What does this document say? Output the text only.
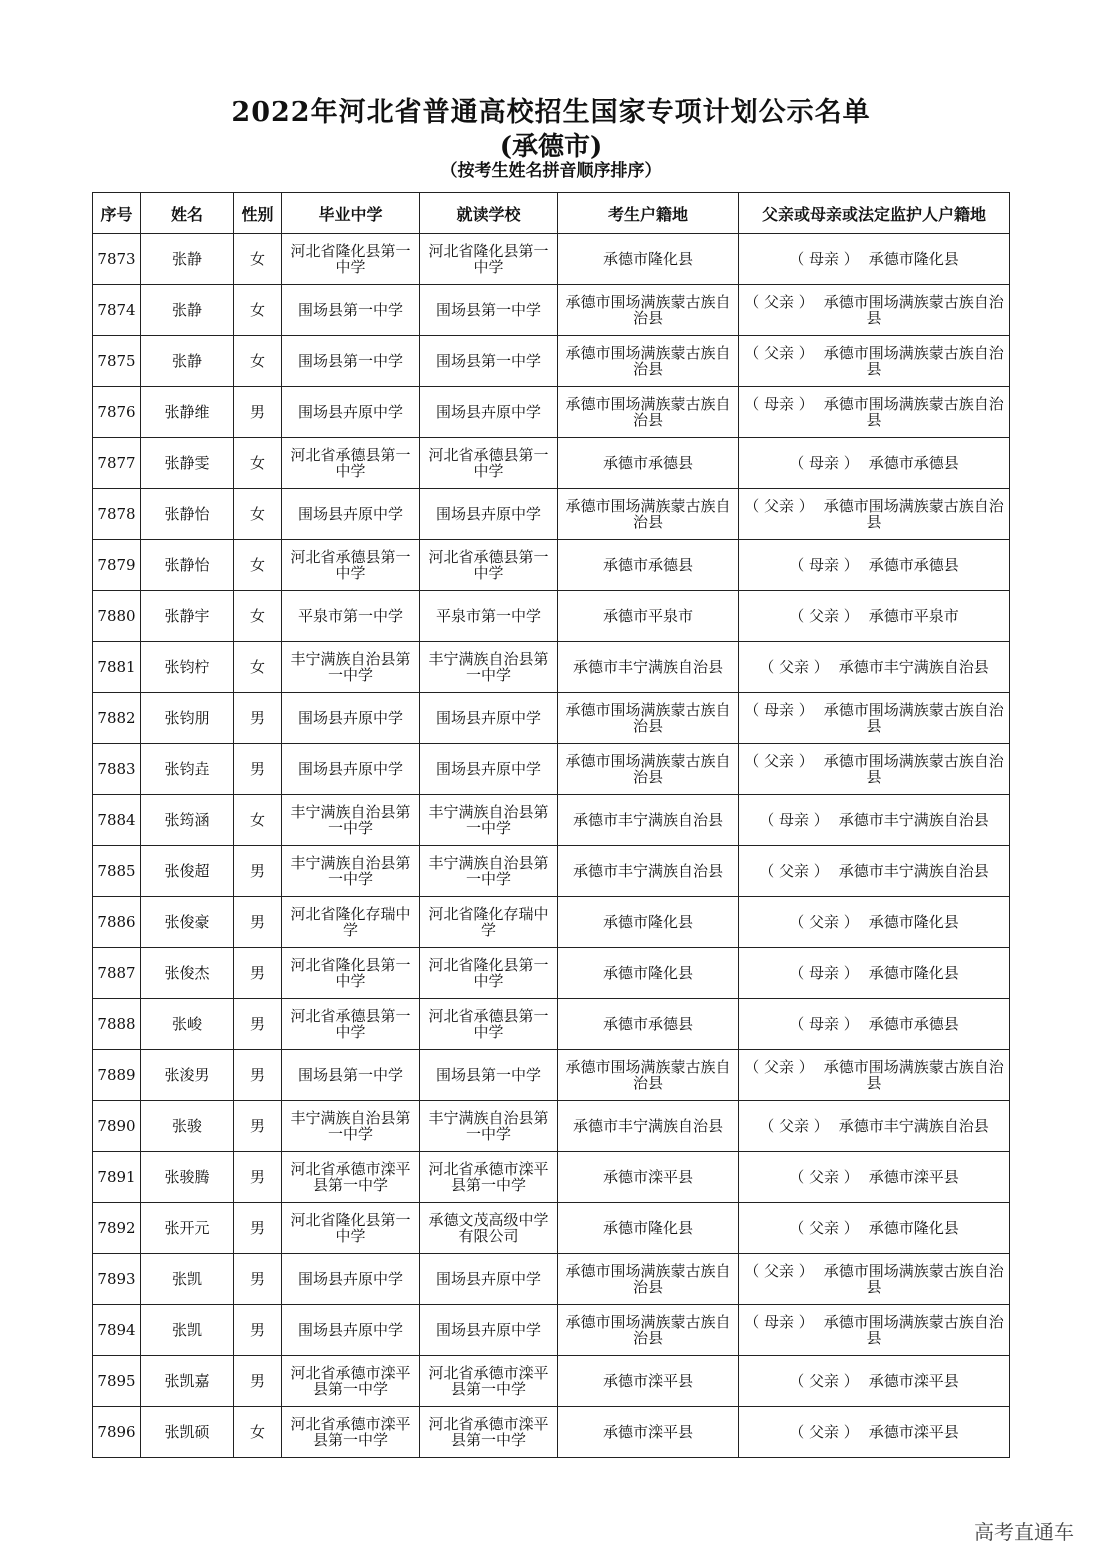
2022年河北省普通高校招生国家专项计划公示名单
(承德市)
（按考生姓名拼音顺序排序）
序号	姓名	性别	毕业中学	就读学校	考生户籍地	父亲或母亲或法定监护人户籍地
7873	张静	女	河北省隆化县第一中学	河北省隆化县第一中学	承德市隆化县	（ 母亲 ） 承德市隆化县
7874	张静	女	围场县第一中学	围场县第一中学	承德市围场满族蒙古族自治县	（ 父亲 ） 承德市围场满族蒙古族自治县
7875	张静	女	围场县第一中学	围场县第一中学	承德市围场满族蒙古族自治县	（ 父亲 ） 承德市围场满族蒙古族自治县
7876	张静维	男	围场县卉原中学	围场县卉原中学	承德市围场满族蒙古族自治县	（ 母亲 ） 承德市围场满族蒙古族自治县
7877	张静雯	女	河北省承德县第一中学	河北省承德县第一中学	承德市承德县	（ 母亲 ） 承德市承德县
7878	张静怡	女	围场县卉原中学	围场县卉原中学	承德市围场满族蒙古族自治县	（ 父亲 ） 承德市围场满族蒙古族自治县
7879	张静怡	女	河北省承德县第一中学	河北省承德县第一中学	承德市承德县	（ 母亲 ） 承德市承德县
7880	张静宇	女	平泉市第一中学	平泉市第一中学	承德市平泉市	（ 父亲 ） 承德市平泉市
7881	张钧柠	女	丰宁满族自治县第一中学	丰宁满族自治县第一中学	承德市丰宁满族自治县	（ 父亲 ） 承德市丰宁满族自治县
7882	张钧朋	男	围场县卉原中学	围场县卉原中学	承德市围场满族蒙古族自治县	（ 母亲 ） 承德市围场满族蒙古族自治县
7883	张钧垚	男	围场县卉原中学	围场县卉原中学	承德市围场满族蒙古族自治县	（ 父亲 ） 承德市围场满族蒙古族自治县
7884	张筠涵	女	丰宁满族自治县第一中学	丰宁满族自治县第一中学	承德市丰宁满族自治县	（ 母亲 ） 承德市丰宁满族自治县
7885	张俊超	男	丰宁满族自治县第一中学	丰宁满族自治县第一中学	承德市丰宁满族自治县	（ 父亲 ） 承德市丰宁满族自治县
7886	张俊豪	男	河北省隆化存瑞中学	河北省隆化存瑞中学	承德市隆化县	（ 父亲 ） 承德市隆化县
7887	张俊杰	男	河北省隆化县第一中学	河北省隆化县第一中学	承德市隆化县	（ 母亲 ） 承德市隆化县
7888	张峻	男	河北省承德县第一中学	河北省承德县第一中学	承德市承德县	（ 母亲 ） 承德市承德县
7889	张浚男	男	围场县第一中学	围场县第一中学	承德市围场满族蒙古族自治县	（ 父亲 ） 承德市围场满族蒙古族自治县
7890	张骏	男	丰宁满族自治县第一中学	丰宁满族自治县第一中学	承德市丰宁满族自治县	（ 父亲 ） 承德市丰宁满族自治县
7891	张骏腾	男	河北省承德市滦平县第一中学	河北省承德市滦平县第一中学	承德市滦平县	（ 父亲 ） 承德市滦平县
7892	张开元	男	河北省隆化县第一中学	承德文茂高级中学有限公司	承德市隆化县	（ 父亲 ） 承德市隆化县
7893	张凯	男	围场县卉原中学	围场县卉原中学	承德市围场满族蒙古族自治县	（ 父亲 ） 承德市围场满族蒙古族自治县
7894	张凯	男	围场县卉原中学	围场县卉原中学	承德市围场满族蒙古族自治县	（ 母亲 ） 承德市围场满族蒙古族自治县
7895	张凯嘉	男	河北省承德市滦平县第一中学	河北省承德市滦平县第一中学	承德市滦平县	（ 父亲 ） 承德市滦平县
7896	张凯硕	女	河北省承德市滦平县第一中学	河北省承德市滦平县第一中学	承德市滦平县	（ 父亲 ） 承德市滦平县
高考直通车
